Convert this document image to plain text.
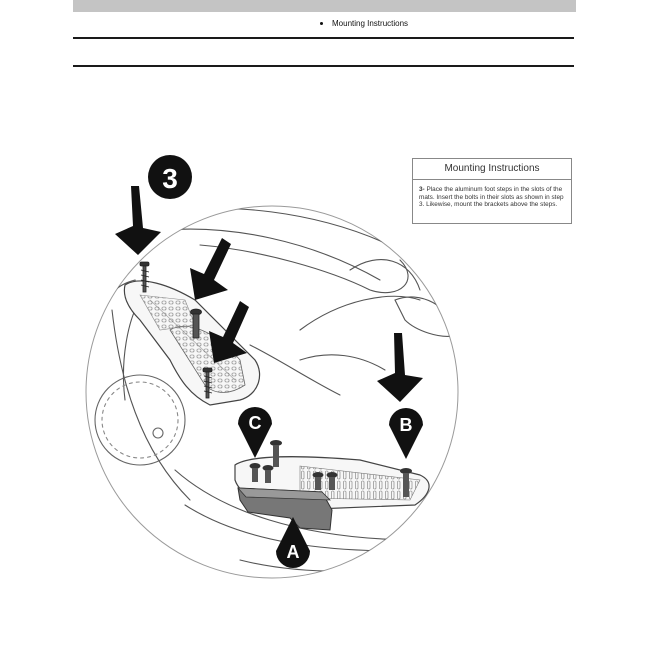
Mounting Instructions
3
C	B
A
Mounting Instructions
3- Place the aluminum foot steps in the slots of the mats. Insert the bolts in their slots as shown in step 3. Likewise, mount the brackets above the steps.
